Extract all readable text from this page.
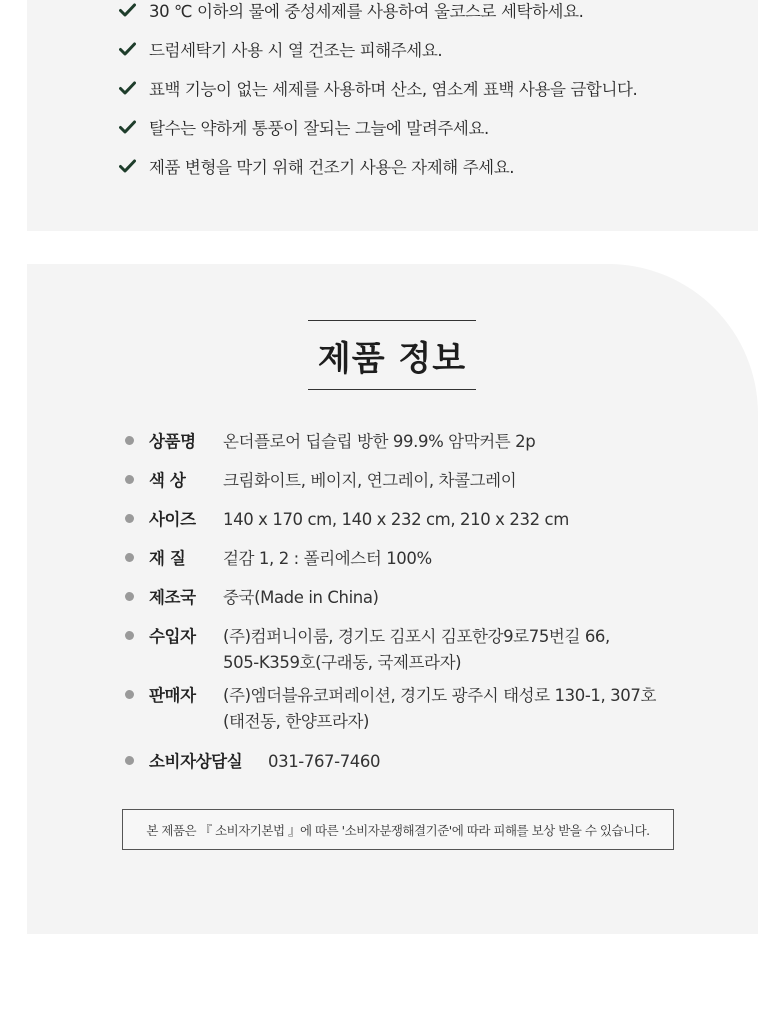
30 ℃ 이하의 물에 중성세제를 사용하여 울코스로 세탁하세요.
드럼세탁기 사용 시 열 건조는 피해주세요.
표백 기능이 없는 세제를 사용하며 산소, 염소계 표백 사용을 금합니다.
탈수는 약하게 통풍이 잘되는 그늘에 말려주세요.
제품 변형을 막기 위해 건조기 사용은 자제해 주세요.
제품 정보
상품명 온더플로어 딥슬립 방한 99.9% 암막커튼 2p
색 상 크림화이트, 베이지, 연그레이, 차콜그레이
사이즈 140 x 170 cm, 140 x 232 cm, 210 x 232 cm
재 질 겉감 1, 2 : 폴리에스터 100%
제조국 중국(Made in China)
수입자 (주)컴퍼니이룸, 경기도 김포시 김포한강9로75번길 66,
505-K359호(구래동, 국제프라자)
판매자 (주)엠더블유코퍼레이션, 경기도 광주시 태성로 130-1, 307호
(태전동, 한양프라자)
소비자상담실 031-767-7460
본 제품은 『 소비자기본법 』에 따른 '소비자분쟁해결기준'에 따라 피해를 보상 받을 수 있습니다.
